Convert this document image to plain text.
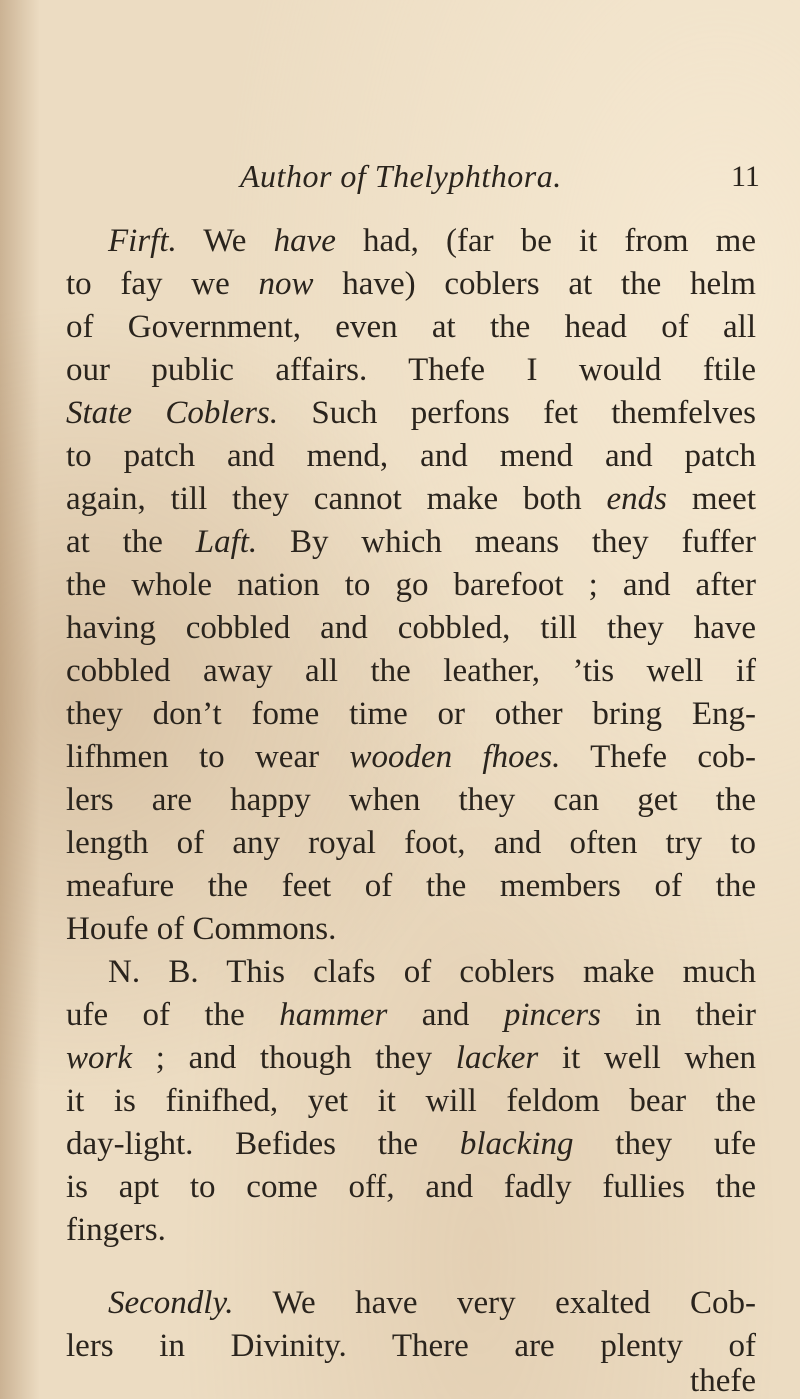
Author of Thelyphthora.	11
Firft. We have had, (far be it from me
to fay we now have) coblers at the helm
of Government, even at the head of all
our public affairs. Thefe I would ftile
State Coblers. Such perfons fet themfelves
to patch and mend, and mend and patch
again, till they cannot make both ends meet
at the Laft. By which means they fuffer
the whole nation to go barefoot ; and after
having cobbled and cobbled, till they have
cobbled away all the leather, ’tis well if
they don’t fome time or other bring Eng-
lifhmen to wear wooden fhoes. Thefe cob-
lers are happy when they can get the
length of any royal foot, and often try to
meafure the feet of the members of the
Houfe of Commons.
N. B. This clafs of coblers make much
ufe of the hammer and pincers in their
work ; and though they lacker it well when
it is finifhed, yet it will feldom bear the
day-light. Befides the blacking they ufe
is apt to come off, and fadly fullies the
fingers.
Secondly. We have very exalted Cob-
lers in Divinity. There are plenty of
thefe
